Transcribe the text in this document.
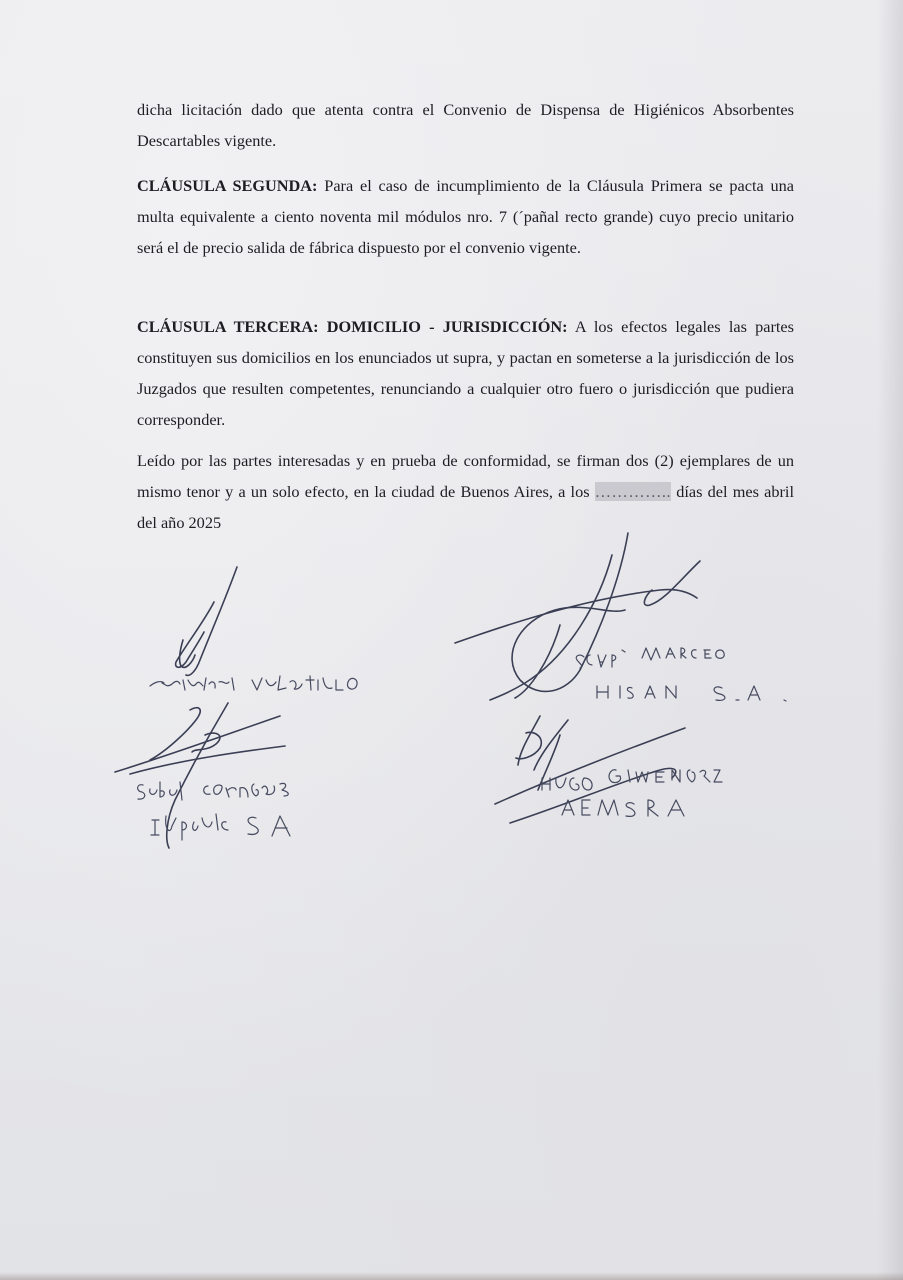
dicha licitación dado que atenta contra el Convenio de Dispensa de Higiénicos Absorbentes Descartables vigente.

CLÁUSULA SEGUNDA: Para el caso de incumplimiento de la Cláusula Primera se pacta una multa equivalente a ciento noventa mil módulos nro. 7 (´pañal recto grande) cuyo precio unitario será el de precio salida de fábrica dispuesto por el convenio vigente.

CLÁUSULA TERCERA: DOMICILIO - JURISDICCIÓN: A los efectos legales las partes constituyen sus domicilios en los enunciados ut supra, y pactan en someterse a la jurisdicción de los Juzgados que resulten competentes, renunciando a cualquier otro fuero o jurisdicción que pudiera corresponder.

Leído por las partes interesadas y en prueba de conformidad, se firman dos (2) ejemplares de un mismo tenor y a un solo efecto, en la ciudad de Buenos Aires, a los ………….. días del mes abril del año 2025
